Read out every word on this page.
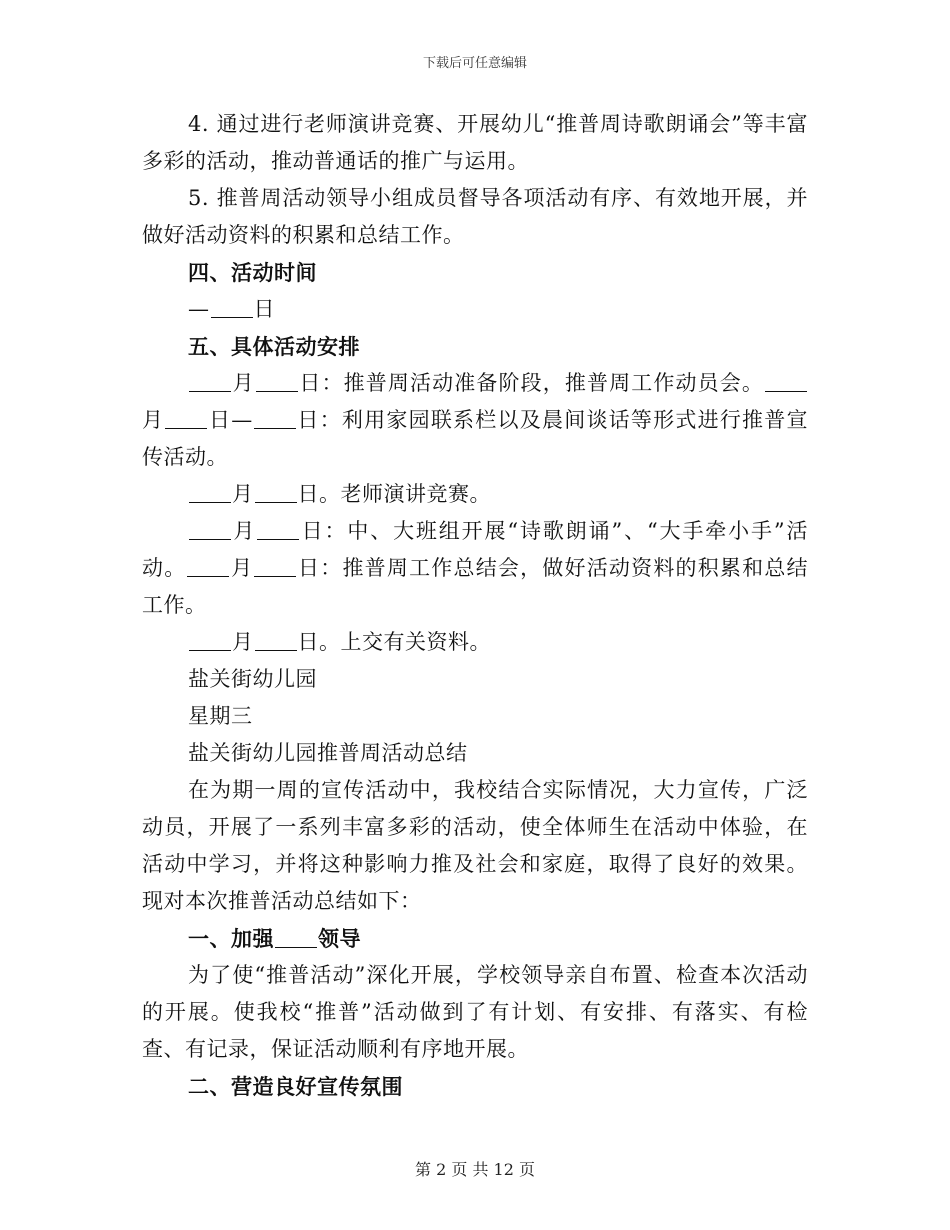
下载后可任意编辑

4. 通过进行老师演讲竞赛、开展幼儿“推普周诗歌朗诵会”等丰富多彩的活动，推动普通话的推广与运用。

5. 推普周活动领导小组成员督导各项活动有序、有效地开展，并做好活动资料的积累和总结工作。

四、活动时间

— 日

五、具体活动安排

月 日：推普周活动准备阶段，推普周工作动员会。月 日— 日：利用家园联系栏以及晨间谈话等形式进行推普宣传活动。

月 日。老师演讲竞赛。

月 日：中、大班组开展“诗歌朗诵”、“大手牵小手”活动。 月 日：推普周工作总结会，做好活动资料的积累和总结工作。

月 日。上交有关资料。

盐关街幼儿园

星期三

盐关街幼儿园推普周活动总结

在为期一周的宣传活动中，我校结合实际情况，大力宣传，广泛动员，开展了一系列丰富多彩的活动，使全体师生在活动中体验，在活动中学习，并将这种影响力推及社会和家庭，取得了良好的效果。现对本次推普活动总结如下：

一、加强 领导

为了使“推普活动”深化开展，学校领导亲自布置、检查本次活动的开展。使我校“推普”活动做到了有计划、有安排、有落实、有检查、有记录，保证活动顺利有序地开展。

二、营造良好宣传氛围

第 2 页 共 12 页
